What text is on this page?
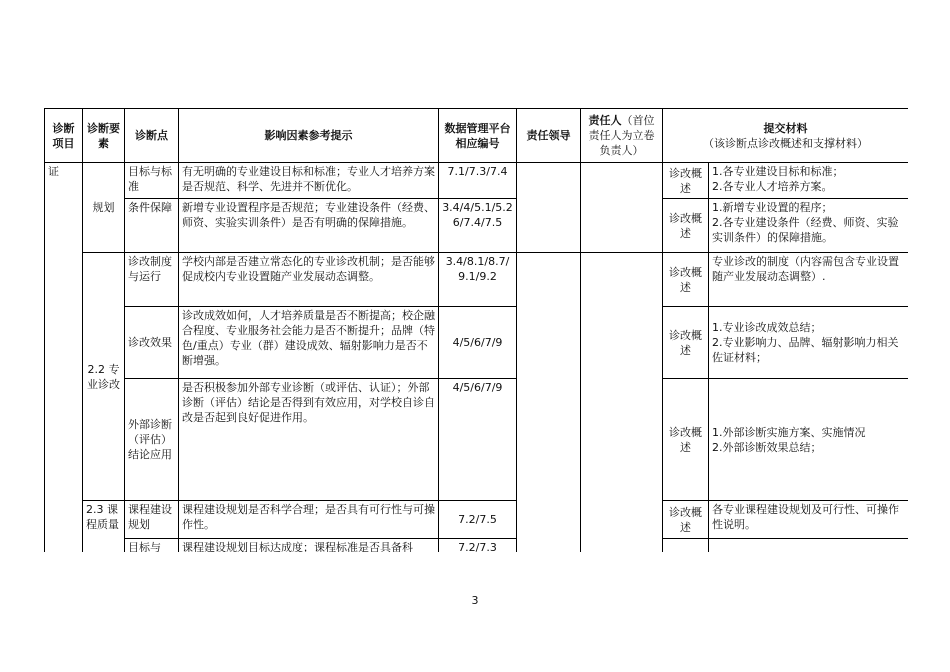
诊断项目	诊断要素	诊断点	影响因素参考提示	数据管理平台相应编号	责任领导	责任人（首位责任人为立卷负责人）	提交材料
（该诊断点诊改概述和支撑材料）		

证	规划	目标与标准	有无明确的专业建设目标和标准；专业人才培养方案是否规范、科学、先进并不断优化。	7.1/7.3/7.4			诊改概述	1.各专业建设目标和标准；
2.各专业人才培养方案。	
		条件保障	新增专业设置程序是否规范；专业建设条件（经费、师资、实验实训条件）是否有明确的保障措施。	3.4/4/5.1/5.2
6/7.4/7.5			诊改概述	1.新增专业设置的程序；
2.各专业建设条件（经费、师资、实验实训条件）的保障措施。	
	2.2 专业诊改	诊改制度与运行	学校内部是否建立常态化的专业诊改机制；是否能够促成校内专业设置随产业发展动态调整。	3.4/8.1/8.7/9.1/9.2			诊改概述	专业诊改的制度（内容需包含专业设置随产业发展动态调整）.	
		诊改效果	诊改成效如何，人才培养质量是否不断提高；校企融合程度、专业服务社会能力是否不断提升；品牌（特色/重点）专业（群）建设成效、辐射影响力是否不断增强。	4/5/6/7/9			诊改概述	1.专业诊改成效总结；
2.专业影响力、品牌、辐射影响力相关佐证材料；	
		外部诊断（评估）结论应用	是否积极参加外部专业诊断（或评估、认证）；外部诊断（评估）结论是否得到有效应用，对学校自诊自改是否起到良好促进作用。	4/5/6/7/9			诊改概述	1.外部诊断实施方案、实施情况
2.外部诊断效果总结；	
	2.3 课程质量	课程建设规划	课程建设规划是否科学合理；是否具有可行性与可操作性。	7.2/7.5			诊改概述	各专业课程建设规划及可行性、可操作性说明。	
		目标与	课程建设规划目标达成度；课程标准是否具备科	7.2/7.3				
3
